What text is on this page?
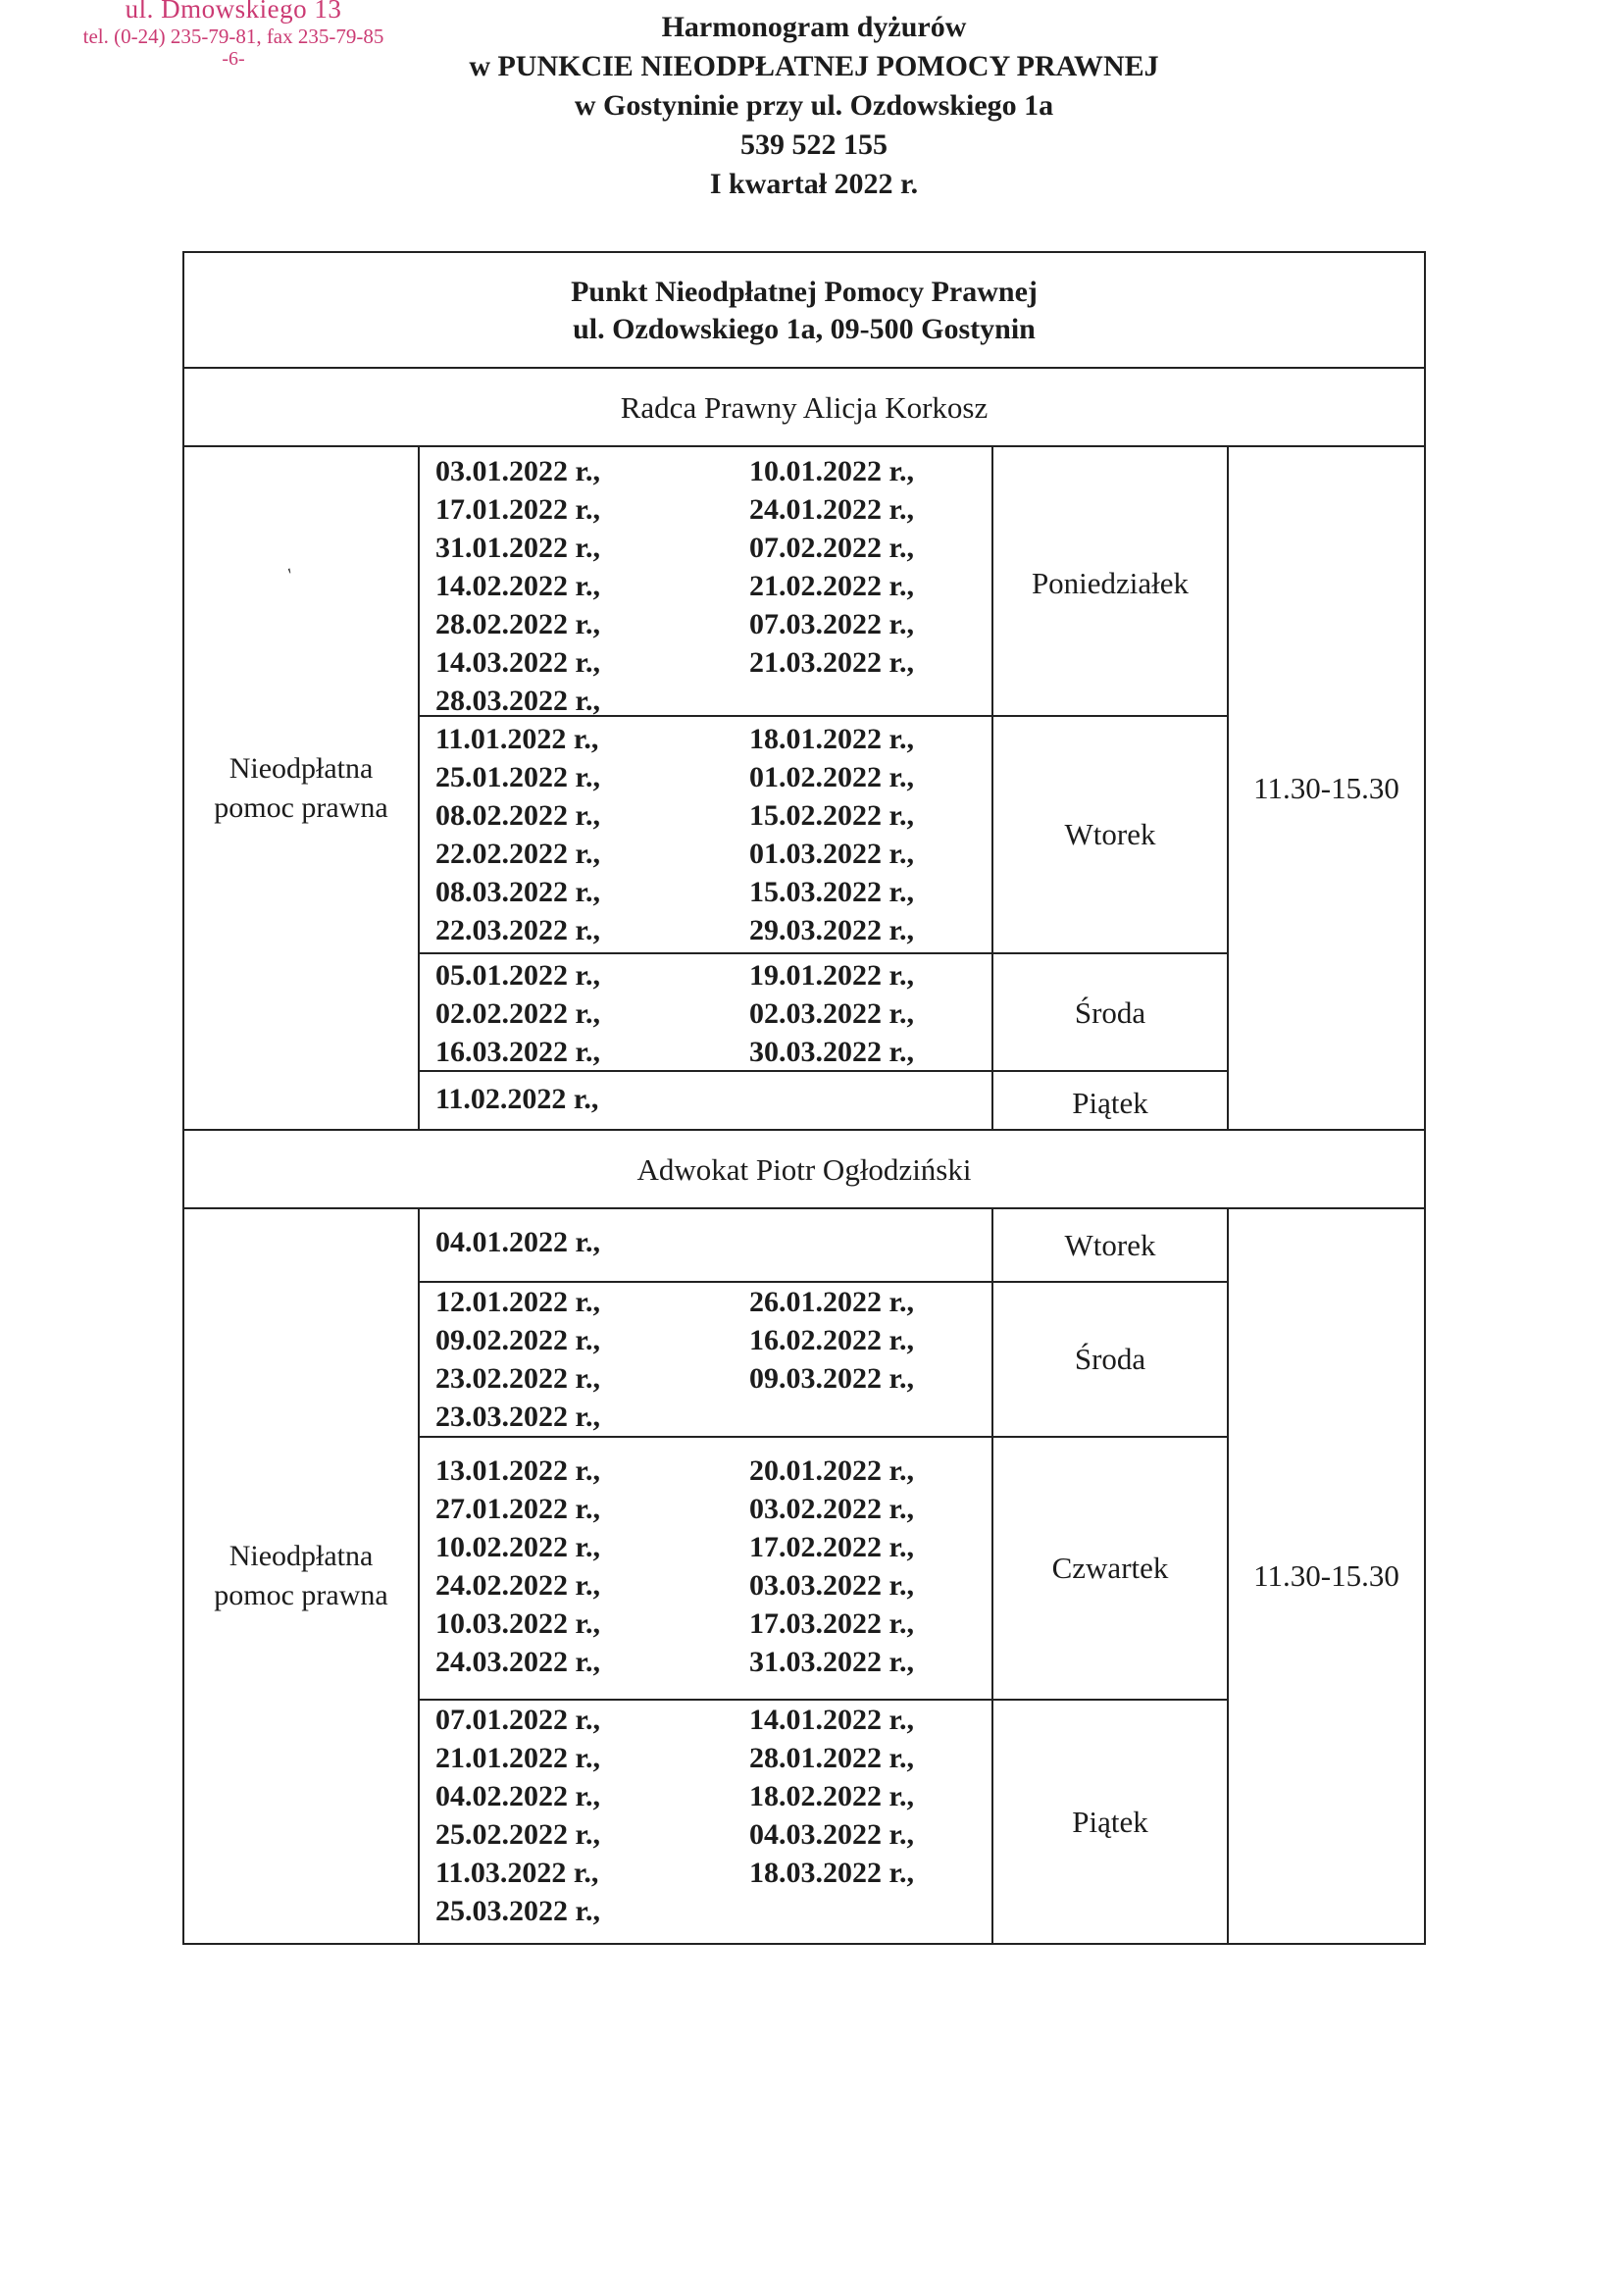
ul. Dmowskiego 13
tel. (0-24) 235-79-81, fax 235-79-85
-6-
Harmonogram dyżurów
w PUNKCIE NIEODPŁATNEJ POMOCY PRAWNEJ
w Gostyninie przy ul. Ozdowskiego 1a
539 522 155
I kwartał 2022 r.
′
Punkt Nieodpłatnej Pomocy Prawnej
ul. Ozdowskiego 1a, 09-500 Gostynin
Radca Prawny Alicja Korkosz
Nieodpłatna
pomoc prawna
03.01.2022 r.,
17.01.2022 r.,
31.01.2022 r.,
14.02.2022 r.,
28.02.2022 r.,
14.03.2022 r.,
28.03.2022 r.,
10.01.2022 r.,
24.01.2022 r.,
07.02.2022 r.,
21.02.2022 r.,
07.03.2022 r.,
21.03.2022 r.,
Poniedziałek
11.01.2022 r.,
25.01.2022 r.,
08.02.2022 r.,
22.02.2022 r.,
08.03.2022 r.,
22.03.2022 r.,
18.01.2022 r.,
01.02.2022 r.,
15.02.2022 r.,
01.03.2022 r.,
15.03.2022 r.,
29.03.2022 r.,
Wtorek
05.01.2022 r.,
02.02.2022 r.,
16.03.2022 r.,
19.01.2022 r.,
02.03.2022 r.,
30.03.2022 r.,
Środa
11.02.2022 r.,	Piątek
11.30-15.30
Adwokat Piotr Ogłodziński
Nieodpłatna
pomoc prawna
04.01.2022 r.,	Wtorek
12.01.2022 r.,
09.02.2022 r.,
23.02.2022 r.,
23.03.2022 r.,
26.01.2022 r.,
16.02.2022 r.,
09.03.2022 r.,
Środa
13.01.2022 r.,
27.01.2022 r.,
10.02.2022 r.,
24.02.2022 r.,
10.03.2022 r.,
24.03.2022 r.,
20.01.2022 r.,
03.02.2022 r.,
17.02.2022 r.,
03.03.2022 r.,
17.03.2022 r.,
31.03.2022 r.,
Czwartek
07.01.2022 r.,
21.01.2022 r.,
04.02.2022 r.,
25.02.2022 r.,
11.03.2022 r.,
25.03.2022 r.,
14.01.2022 r.,
28.01.2022 r.,
18.02.2022 r.,
04.03.2022 r.,
18.03.2022 r.,
Piątek
11.30-15.30
